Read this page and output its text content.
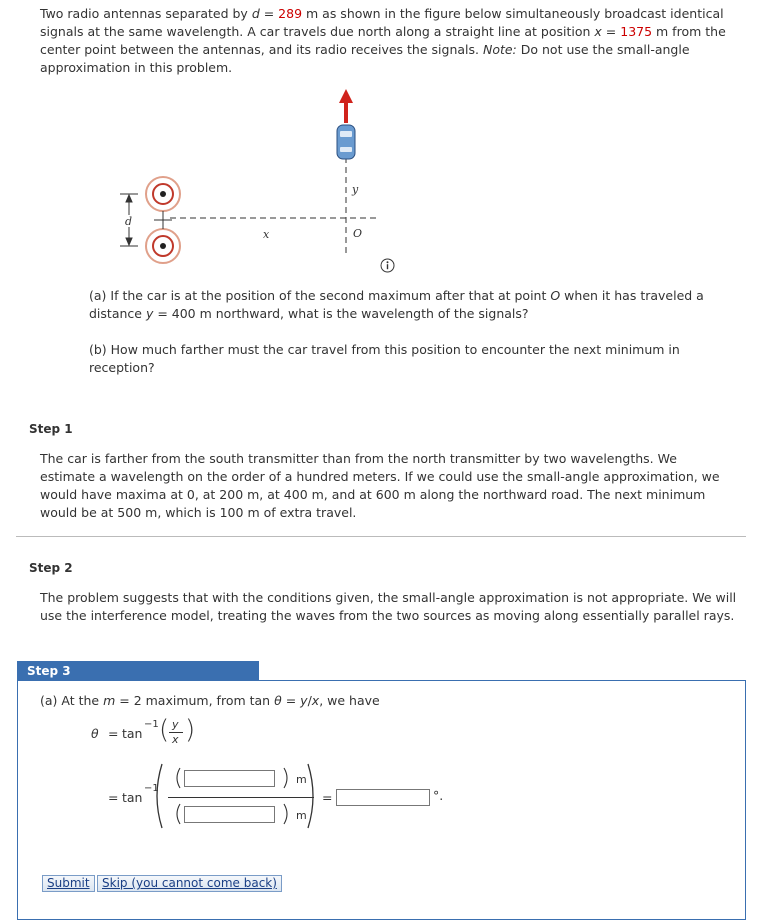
Two radio antennas separated by d = 289 m as shown in the figure below simultaneously broadcast identical
signals at the same wavelength. A car travels due north along a straight line at position x = 1375 m from the
center point between the antennas, and its radio receives the signals. Note: Do not use the small-angle
approximation in this problem.
d
x
y
O
(a) If the car is at the position of the second maximum after that at point O when it has traveled a
distance y = 400 m northward, what is the wavelength of the signals?
(b) How much farther must the car travel from this position to encounter the next minimum in
reception?
Step 1
The car is farther from the south transmitter than from the north transmitter by two wavelengths. We
estimate a wavelength on the order of a hundred meters. If we could use the small-angle approximation, we
would have maxima at 0, at 200 m, at 400 m, and at 600 m along the northward road. The next minimum
would be at 500 m, which is 100 m of extra travel.
Step 2
The problem suggests that with the conditions given, the small-angle approximation is not appropriate. We will
use the interference model, treating the waves from the two sources as moving along essentially parallel rays.
Step 3
(a) At the m = 2 maximum, from tan θ = y/x, we have
θ = tan
−1 ( y
x )
= tan
−1
m
m
=	°.
Submit	Skip (you cannot come back)
